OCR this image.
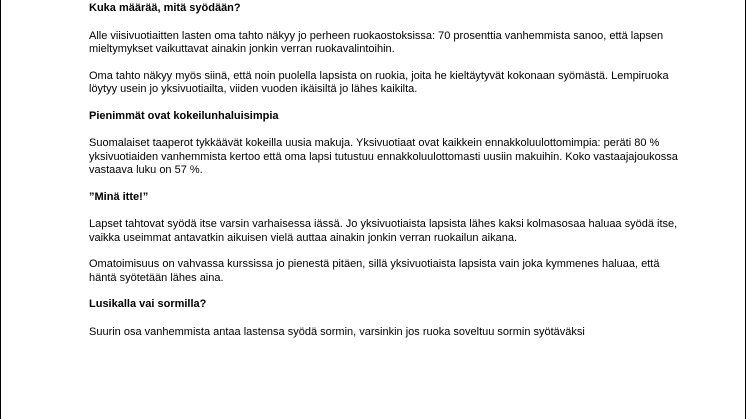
Kuka määrää, mitä syödään?

Alle viisivuotiaitten lasten oma tahto näkyy jo perheen ruokaostoksissa: 70 prosenttia vanhemmista sanoo, että lapsen mieltymykset vaikuttavat ainakin jonkin verran ruokavalintoihin.

Oma tahto näkyy myös siinä, että noin puolella lapsista on ruokia, joita he kieltäytyvät kokonaan syömästä. Lempiruoka löytyy usein jo yksivuotiailta, viiden vuoden ikäisiltä jo lähes kaikilta.

Pienimmät ovat kokeilunhaluisimpia

Suomalaiset taaperot tykkäävät kokeilla uusia makuja. Yksivuotiaat ovat kaikkein ennakkoluulottomimpia: peräti 80 % yksivuotiaiden vanhemmista kertoo että oma lapsi tutustuu ennakkoluulottomasti uusiin makuihin. Koko vastaajajoukossa vastaava luku on 57 %.

”Minä itte!”

Lapset tahtovat syödä itse varsin varhaisessa iässä. Jo yksivuotiaista lapsista lähes kaksi kolmasosaa haluaa syödä itse, vaikka useimmat antavatkin aikuisen vielä auttaa ainakin jonkin verran ruokailun aikana.

Omatoimisuus on vahvassa kurssissa jo pienestä pitäen, sillä yksivuotiaista lapsista vain joka kymmenes haluaa, että häntä syötetään lähes aina.

Lusikalla vai sormilla?

Suurin osa vanhemmista antaa lastensa syödä sormin, varsinkin jos ruoka soveltuu sormin syötäväksi
